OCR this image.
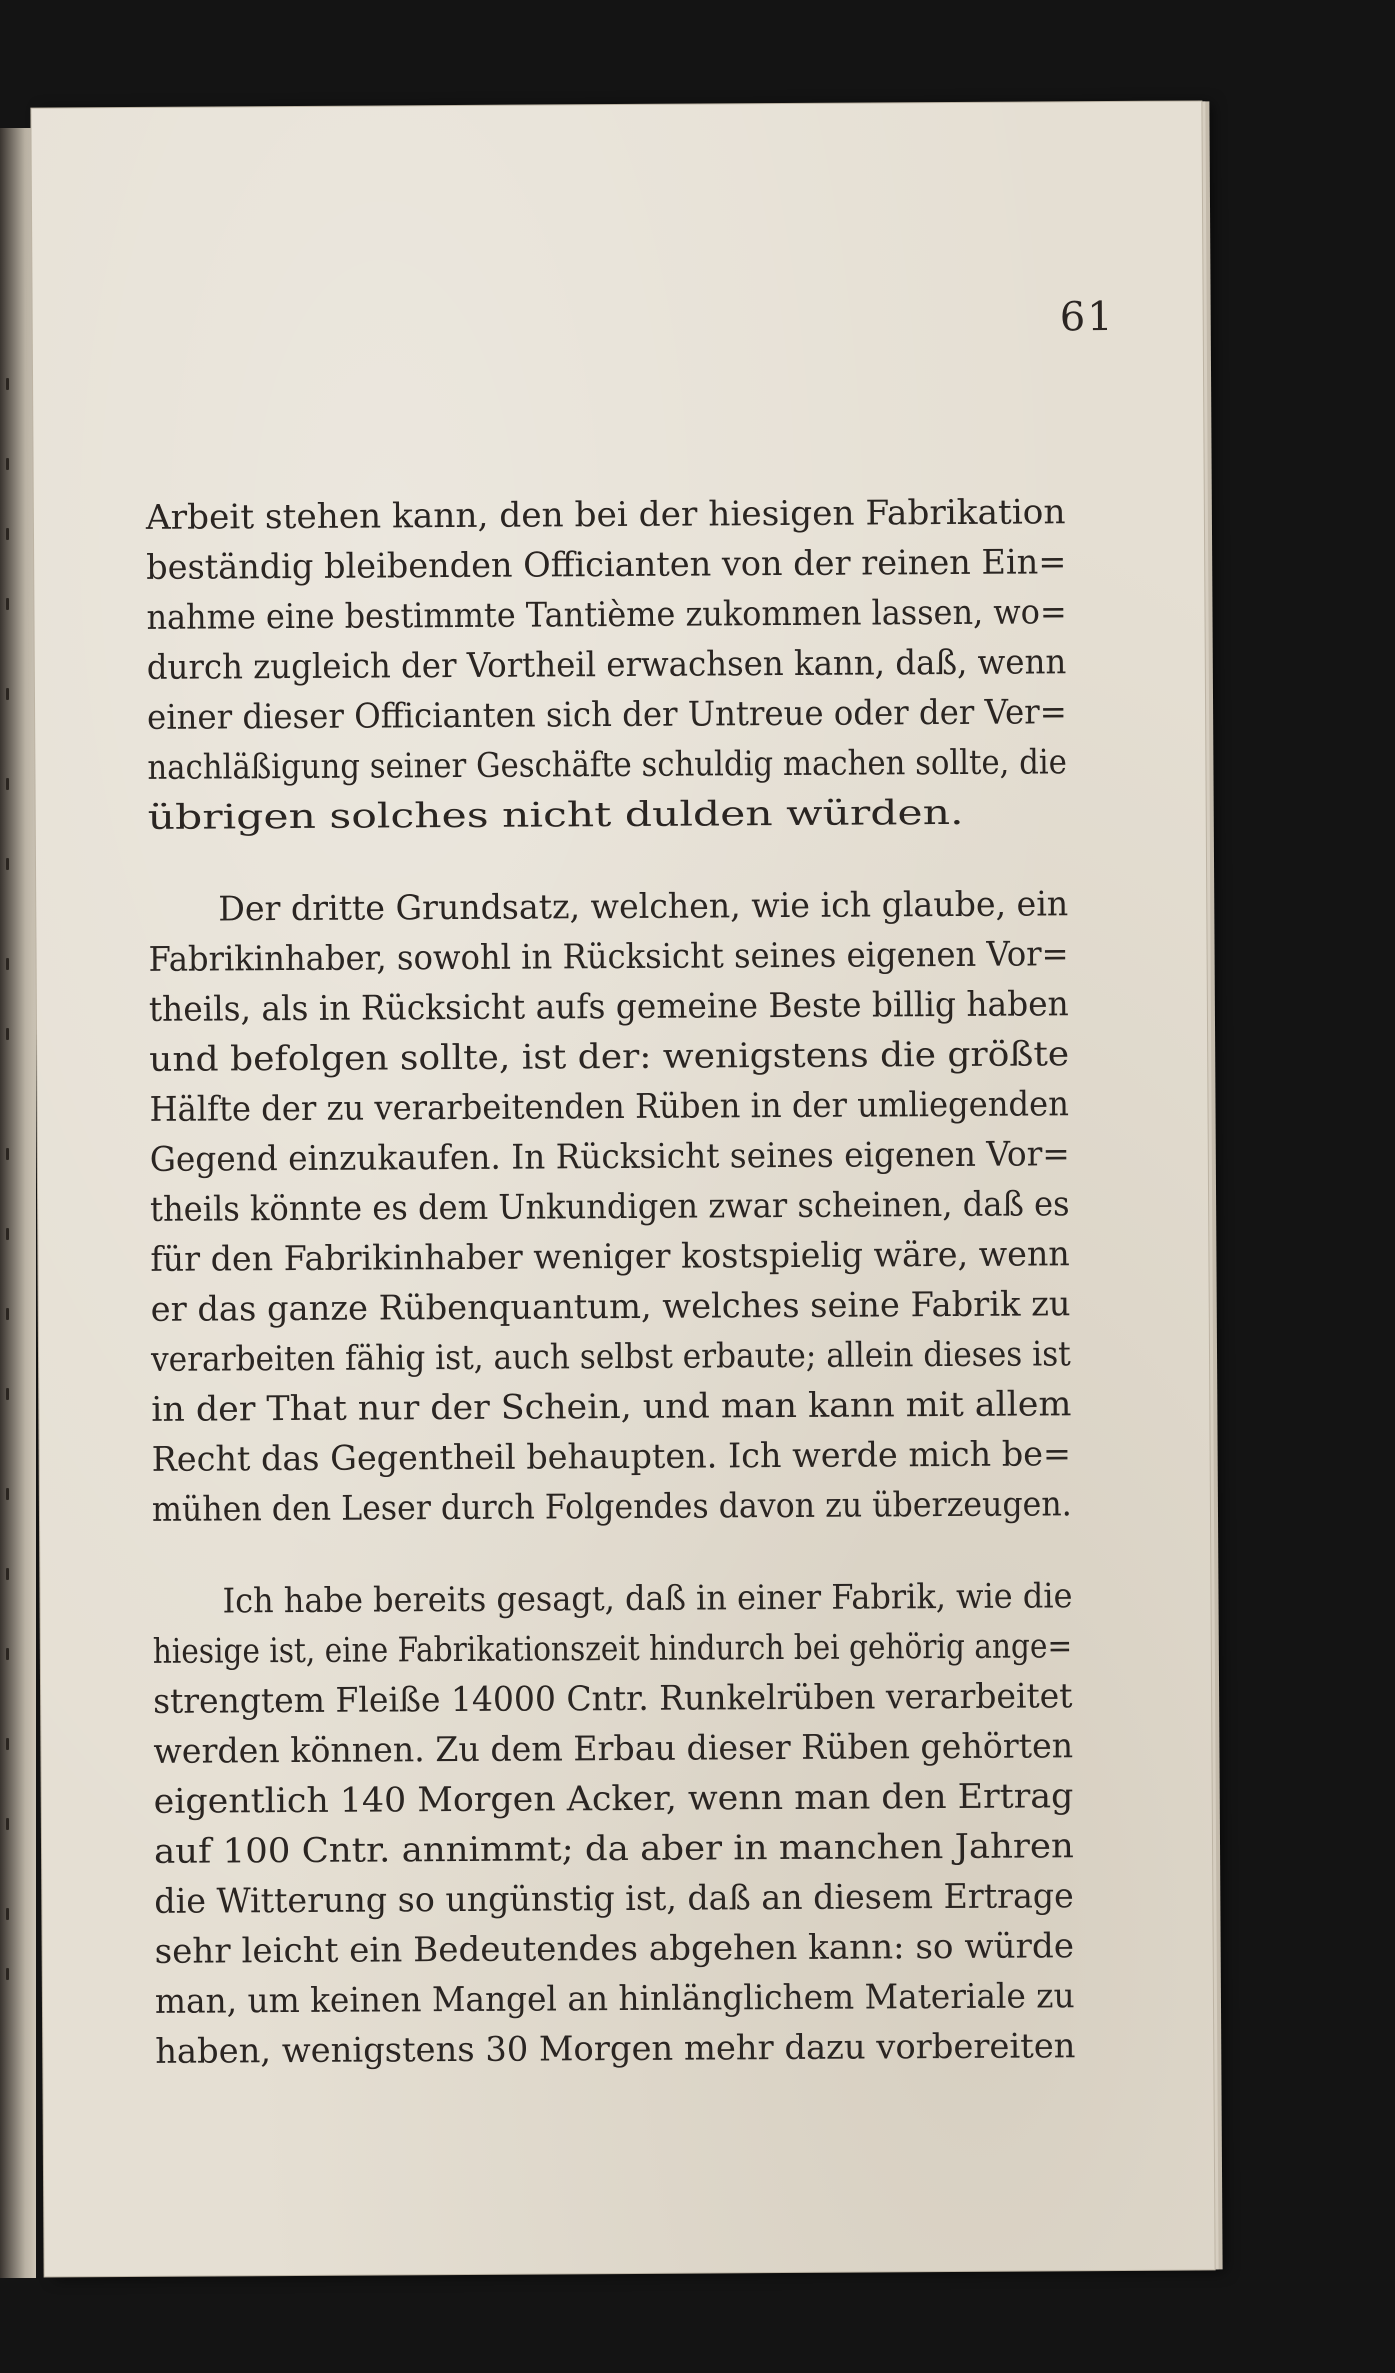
61
Arbeit stehen kann, den bei der hiesigen Fabrikation
beständig bleibenden Officianten von der reinen Ein=
nahme eine bestimmte Tantième zukommen lassen, wo=
durch zugleich der Vortheil erwachsen kann, daß, wenn
einer dieser Officianten sich der Untreue oder der Ver=
nachläßigung seiner Geschäfte schuldig machen sollte, die
übrigen solches nicht dulden würden.
Der dritte Grundsatz, welchen, wie ich glaube, ein
Fabrikinhaber, sowohl in Rücksicht seines eigenen Vor=
theils, als in Rücksicht aufs gemeine Beste billig haben
und befolgen sollte, ist der: wenigstens die größte
Hälfte der zu verarbeitenden Rüben in der umliegenden
Gegend einzukaufen. In Rücksicht seines eigenen Vor=
theils könnte es dem Unkundigen zwar scheinen, daß es
für den Fabrikinhaber weniger kostspielig wäre, wenn
er das ganze Rübenquantum, welches seine Fabrik zu
verarbeiten fähig ist, auch selbst erbaute; allein dieses ist
in der That nur der Schein, und man kann mit allem
Recht das Gegentheil behaupten. Ich werde mich be=
mühen den Leser durch Folgendes davon zu überzeugen.
Ich habe bereits gesagt, daß in einer Fabrik, wie die
hiesige ist, eine Fabrikationszeit hindurch bei gehörig ange=
strengtem Fleiße 14000 Cntr. Runkelrüben verarbeitet
werden können. Zu dem Erbau dieser Rüben gehörten
eigentlich 140 Morgen Acker, wenn man den Ertrag
auf 100 Cntr. annimmt; da aber in manchen Jahren
die Witterung so ungünstig ist, daß an diesem Ertrage
sehr leicht ein Bedeutendes abgehen kann: so würde
man, um keinen Mangel an hinlänglichem Materiale zu
haben, wenigstens 30 Morgen mehr dazu vorbereiten
